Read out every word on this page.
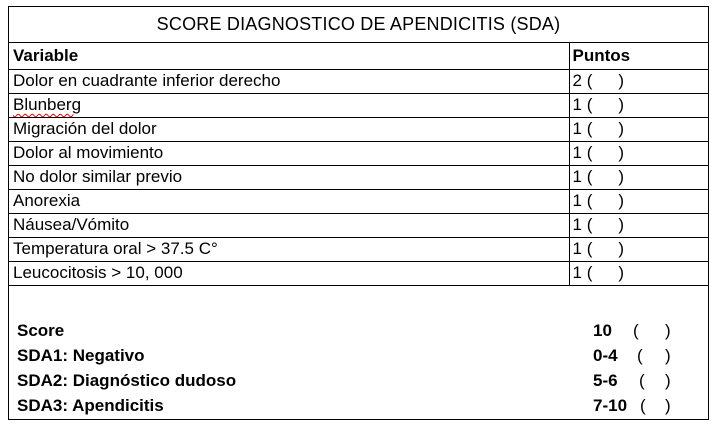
SCORE DIAGNOSTICO DE APENDICITIS (SDA)
Variable	Puntos
Dolor en cuadrante inferior derecho	2 ( )
Blunberg	1 ( )
Migración del dolor	1 ( )
Dolor al movimiento	1 ( )
No dolor similar previo	1 ( )
Anorexia	1 ( )
Náusea/Vómito	1 ( )
Temperatura oral > 37.5 C°	1 ( )
Leucocitosis > 10, 000	1 ( )
Score	10 ( )
SDA1: Negativo	0-4 ( )
SDA2: Diagnóstico dudoso	5-6 ( )
SDA3: Apendicitis	7-10 ( )
